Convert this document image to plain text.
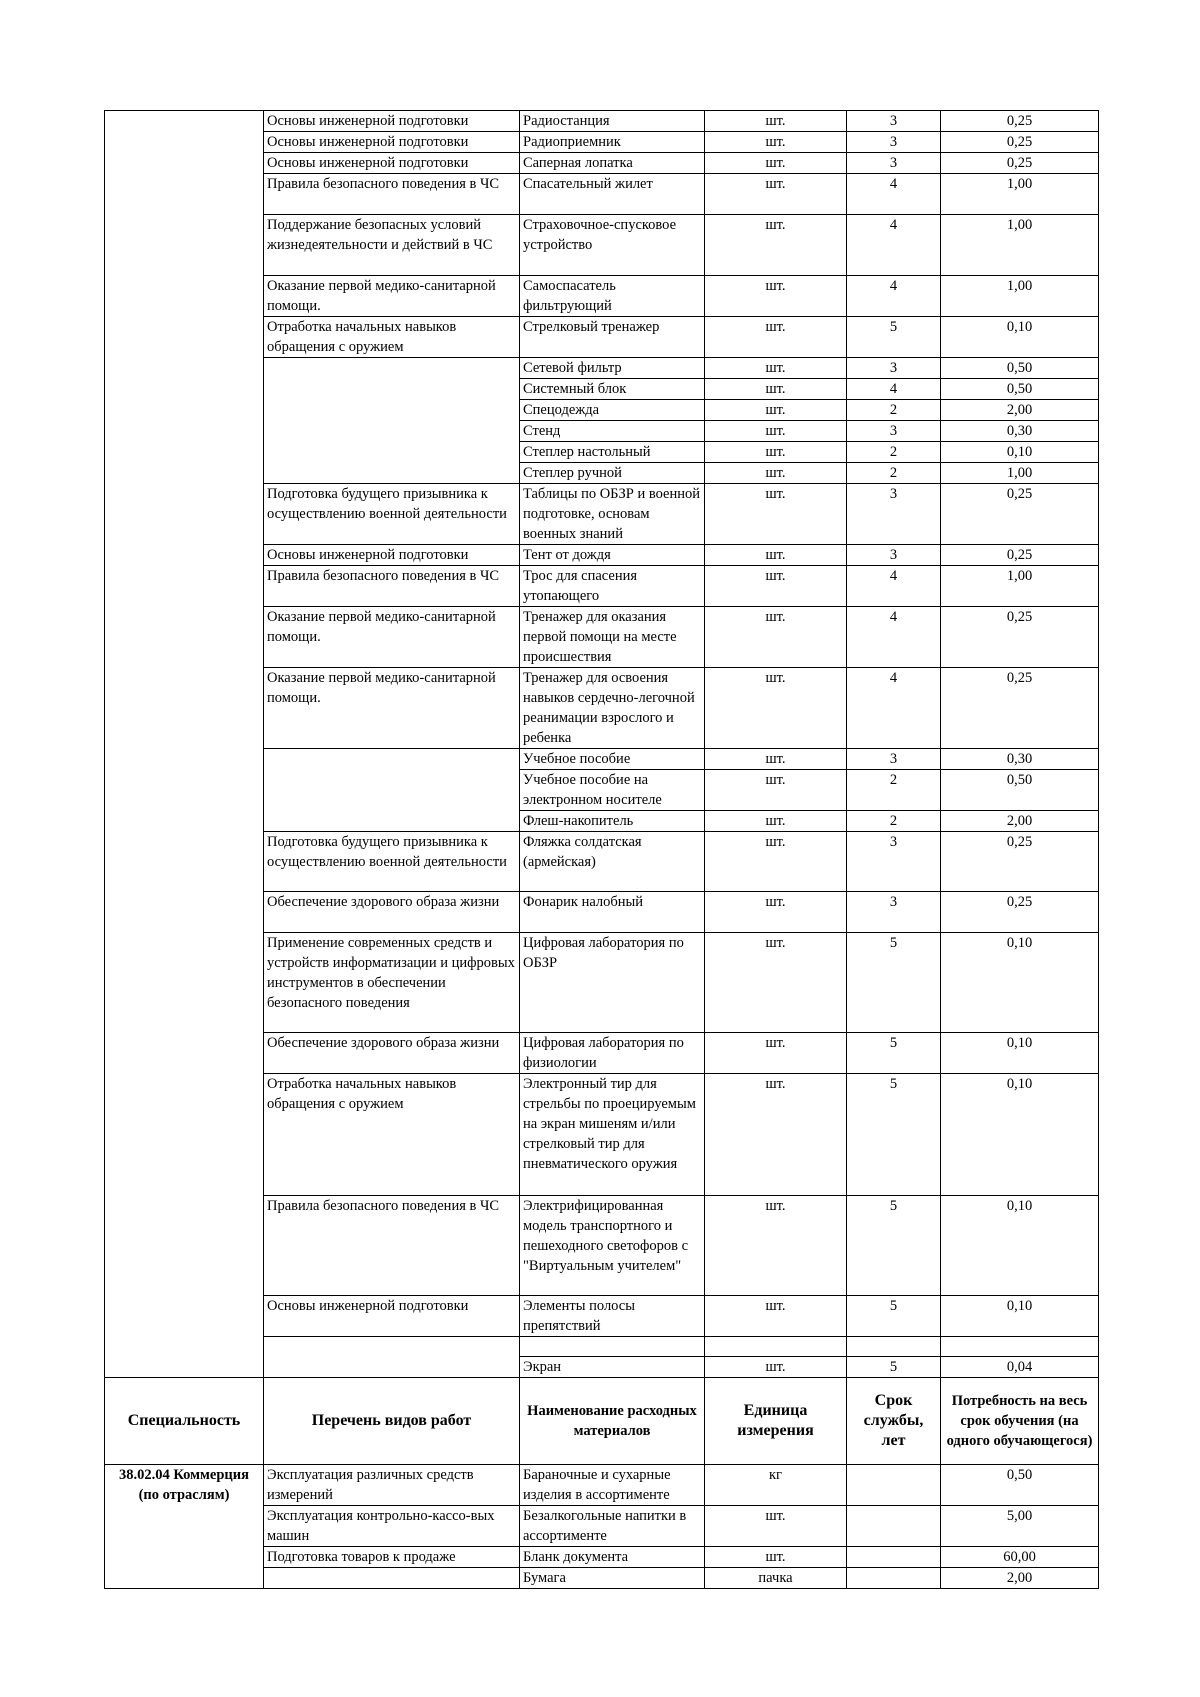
	Основы инженерной подготовки	Радиостанция	шт.	3	0,25
	Основы инженерной подготовки	Радиоприемник	шт.	3	0,25
	Основы инженерной подготовки	Саперная лопатка	шт.	3	0,25
	Правила безопасного поведения в ЧС	Спасательный жилет	шт.	4	1,00
	Поддержание безопасных условий жизнедеятельности и действий в ЧС	Страховочное-спусковое устройство	шт.	4	1,00
	Оказание первой медико-санитарной помощи.	Самоспасатель фильтрующий	шт.	4	1,00
	Отработка начальных навыков обращения с оружием	Стрелковый тренажер	шт.	5	0,10
		Сетевой фильтр	шт.	3	0,50
		Системный блок	шт.	4	0,50
		Спецодежда	шт.	2	2,00
		Стенд	шт.	3	0,30
		Степлер настольный	шт.	2	0,10
		Степлер ручной	шт.	2	1,00
	Подготовка будущего призывника к осуществлению военной деятельности	Таблицы по ОБЗР и военной подготовке, основам военных знаний	шт.	3	0,25
	Основы инженерной подготовки	Тент от дождя	шт.	3	0,25
	Правила безопасного поведения в ЧС	Трос для спасения утопающего	шт.	4	1,00
	Оказание первой медико-санитарной помощи.	Тренажер для оказания первой помощи на месте происшествия	шт.	4	0,25
	Оказание первой медико-санитарной помощи.	Тренажер для освоения навыков сердечно-легочной реанимации взрослого и ребенка	шт.	4	0,25
		Учебное пособие	шт.	3	0,30
		Учебное пособие на электронном носителе	шт.	2	0,50
		Флеш-накопитель	шт.	2	2,00
	Подготовка будущего призывника к осуществлению военной деятельности	Фляжка солдатская (армейская)	шт.	3	0,25
	Обеспечение здорового образа жизни	Фонарик налобный	шт.	3	0,25
	Применение современных средств и устройств информатизации и цифровых инструментов в обеспечении безопасного поведения	Цифровая лаборатория по ОБЗР	шт.	5	0,10
	Обеспечение здорового образа жизни	Цифровая лаборатория по физиологии	шт.	5	0,10
	Отработка начальных навыков обращения с оружием	Электронный тир для стрельбы по проецируемым на экран мишеням и/или стрелковый тир для пневматического оружия	шт.	5	0,10
	Правила безопасного поведения в ЧС	Электрифицированная модель транспортного и пешеходного светофоров с "Виртуальным учителем"	шт.	5	0,10
	Основы инженерной подготовки	Элементы полосы препятствий	шт.	5	0,10

		Экран	шт.	5	0,04
Специальность	Перечень видов работ	Наименование расходных материалов	Единица измерения	Срок службы, лет	Потребность на весь срок обучения (на одного обучающегося)
38.02.04 Коммерция (по отраслям)	Эксплуатация различных средств измерений	Бараночные и сухарные изделия в ассортименте	кг		0,50
	Эксплуатация контрольно-кассо-вых машин	Безалкогольные напитки в ассортименте	шт.		5,00
	Подготовка товаров к продаже	Бланк документа	шт.		60,00
		Бумага	пачка		2,00
